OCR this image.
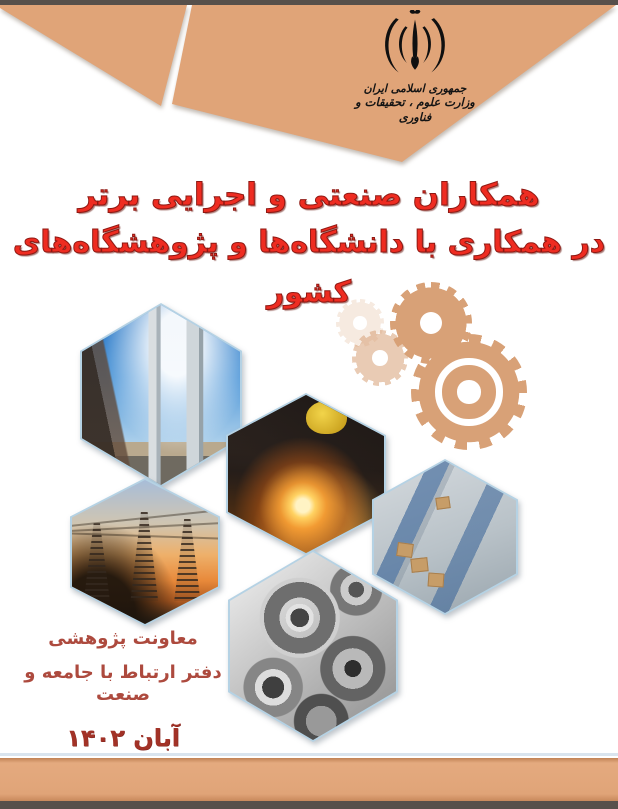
جمهوری اسلامی ایران
وزارت علوم ، تحقیقات و فناوری
همکاران صنعتی و اجرایی برتر
در همکاری با دانشگاه‌ها و پژوهشگاه‌های کشور
معاونت پژوهشی
دفتر ارتباط با جامعه و صنعت
آبان ۱۴۰۲
